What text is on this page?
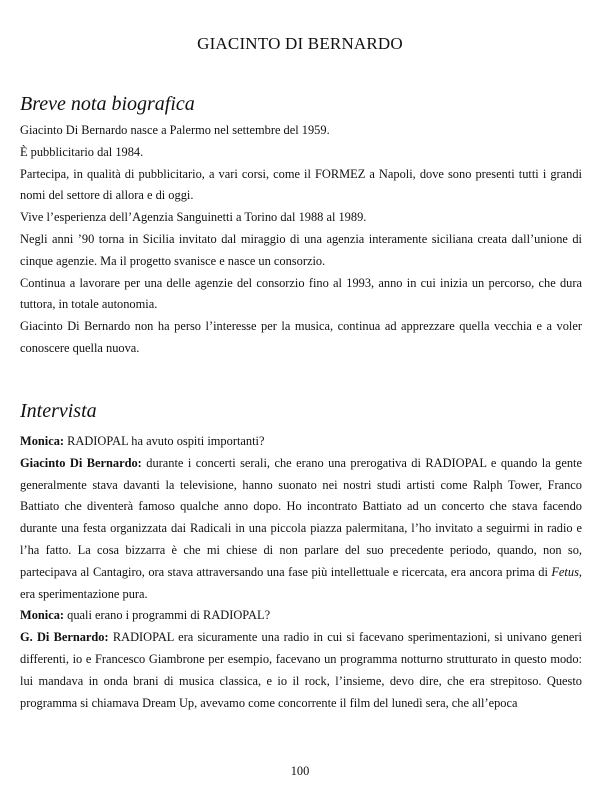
GIACINTO DI BERNARDO
Breve nota biografica

Giacinto Di Bernardo nasce a Palermo nel settembre del 1959.

È pubblicitario dal 1984.

Partecipa, in qualità di pubblicitario, a vari corsi, come il FORMEZ a Napoli, dove sono presenti tutti i grandi nomi del settore di allora e di oggi.

Vive l’esperienza dell’Agenzia Sanguinetti a Torino dal 1988 al 1989.

Negli anni ’90 torna in Sicilia invitato dal miraggio di una agenzia interamente siciliana creata dall’unione di cinque agenzie. Ma il progetto svanisce e nasce un consorzio.

Continua a lavorare per una delle agenzie del consorzio fino al 1993, anno in cui inizia un percorso, che dura tuttora, in totale autonomia.

Giacinto Di Bernardo non ha perso l’interesse per la musica, continua ad apprezzare quella vecchia e a voler conoscere quella nuova.

Intervista

Monica: RADIOPAL ha avuto ospiti importanti?

Giacinto Di Bernardo: durante i concerti serali, che erano una prerogativa di RADIOPAL e quando la gente generalmente stava davanti la televisione, hanno suonato nei nostri studi artisti come Ralph Tower, Franco Battiato che diventerà famoso qualche anno dopo. Ho incontrato Battiato ad un concerto che stava facendo durante una festa organizzata dai Radicali in una piccola piazza palermitana, l’ho invitato a seguirmi in radio e l’ha fatto. La cosa bizzarra è che mi chiese di non parlare del suo precedente periodo, quando, non so, partecipava al Cantagiro, ora stava attraversando una fase più intellettuale e ricercata, era ancora prima di Fetus, era sperimentazione pura.

Monica: quali erano i programmi di RADIOPAL?

G. Di Bernardo: RADIOPAL era sicuramente una radio in cui si facevano sperimentazioni, si univano generi differenti, io e Francesco Giambrone per esempio, facevano un programma notturno strutturato in questo modo: lui mandava in onda brani di musica classica, e io il rock, l’insieme, devo dire, che era strepitoso. Questo programma si chiamava Dream Up, avevamo come concorrente il film del lunedì sera, che all’epoca

100
